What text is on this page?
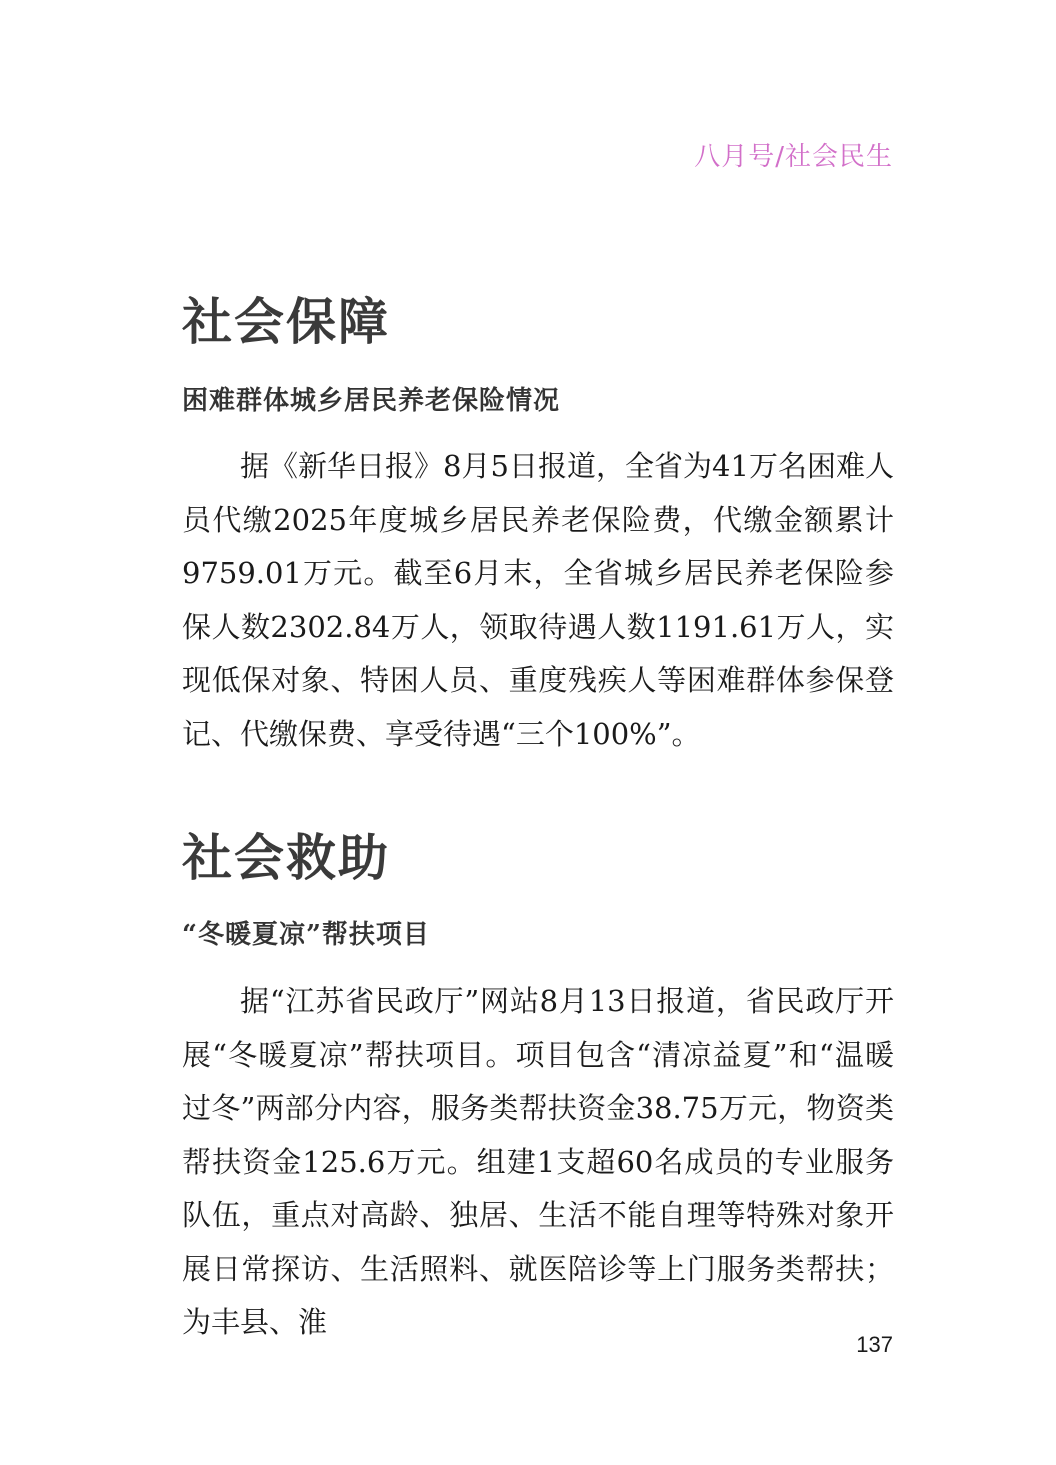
八月号/社会民生
社会保障
困难群体城乡居民养老保险情况

据《新华日报》8月5日报道，全省为41万名困难人员代缴2025年度城乡居民养老保险费，代缴金额累计9759.01万元。截至6月末，全省城乡居民养老保险参保人数2302.84万人，领取待遇人数1191.61万人，实现低保对象、特困人员、重度残疾人等困难群体参保登记、代缴保费、享受待遇“三个100%”。

社会救助
“冬暖夏凉”帮扶项目

据“江苏省民政厅”网站8月13日报道，省民政厅开展“冬暖夏凉”帮扶项目。项目包含“清凉益夏”和“温暖过冬”两部分内容，服务类帮扶资金38.75万元，物资类帮扶资金125.6万元。组建1支超60名成员的专业服务队伍，重点对高龄、独居、生活不能自理等特殊对象开展日常探访、生活照料、就医陪诊等上门服务类帮扶；为丰县、淮

137
